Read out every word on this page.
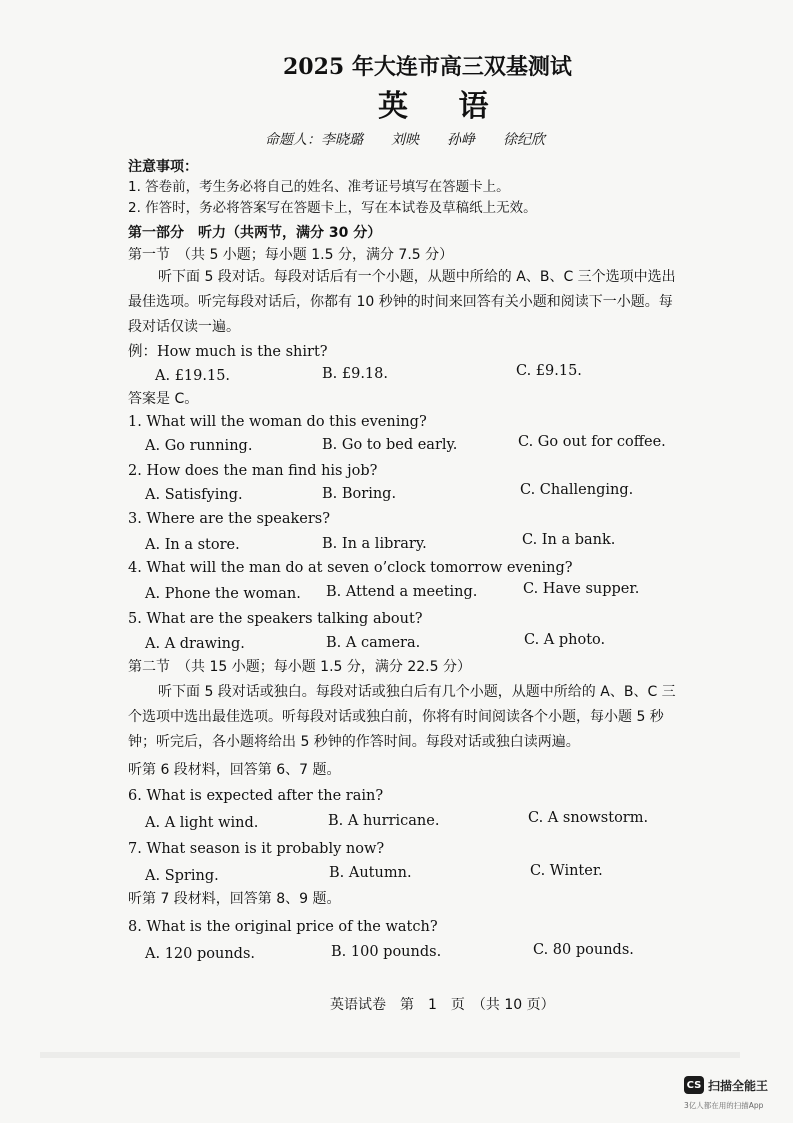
2025 年大连市高三双基测试
英 语
命题人：李晓璐　　刘映　　孙峥　　徐纪欣
注意事项：
1. 答卷前，考生务必将自己的姓名、准考证号填写在答题卡上。
2. 作答时，务必将答案写在答题卡上，写在本试卷及草稿纸上无效。
第一部分　听力（共两节，满分 30 分）
第一节　（共 5 小题；每小题 1.5 分，满分 7.5 分）
听下面 5 段对话。每段对话后有一个小题，从题中所给的 A、B、C 三个选项中选出
最佳选项。听完每段对话后，你都有 10 秒钟的时间来回答有关小题和阅读下一小题。每
段对话仅读一遍。
例：How much is the shirt?
A. £19.15.	B. £9.18.	C. £9.15.
答案是 C。
1. What will the woman do this evening?
A. Go running.	B. Go to bed early.	C. Go out for coffee.
2. How does the man find his job?
A. Satisfying.	B. Boring.	C. Challenging.
3. Where are the speakers?
A. In a store.	B. In a library.	C. In a bank.
4. What will the man do at seven o’clock tomorrow evening?
A. Phone the woman. B. Attend a meeting.	C. Have supper.
5. What are the speakers talking about?
A. A drawing.	B. A camera.	C. A photo.
第二节　（共 15 小题；每小题 1.5 分，满分 22.5 分）
听下面 5 段对话或独白。每段对话或独白后有几个小题，从题中所给的 A、B、C 三
个选项中选出最佳选项。听每段对话或独白前，你将有时间阅读各个小题，每小题 5 秒
钟；听完后，各小题将给出 5 秒钟的作答时间。每段对话或独白读两遍。
听第 6 段材料，回答第 6、7 题。
6. What is expected after the rain?
A. A light wind.	B. A hurricane.	C. A snowstorm.
7. What season is it probably now?
A. Spring.	B. Autumn.	C. Winter.
听第 7 段材料，回答第 8、9 题。
8. What is the original price of the watch?
A. 120 pounds.	B. 100 pounds.	C. 80 pounds.
英语试卷　第　1　页　（共 10 页）
CS 扫描全能王
3亿人都在用的扫描App
